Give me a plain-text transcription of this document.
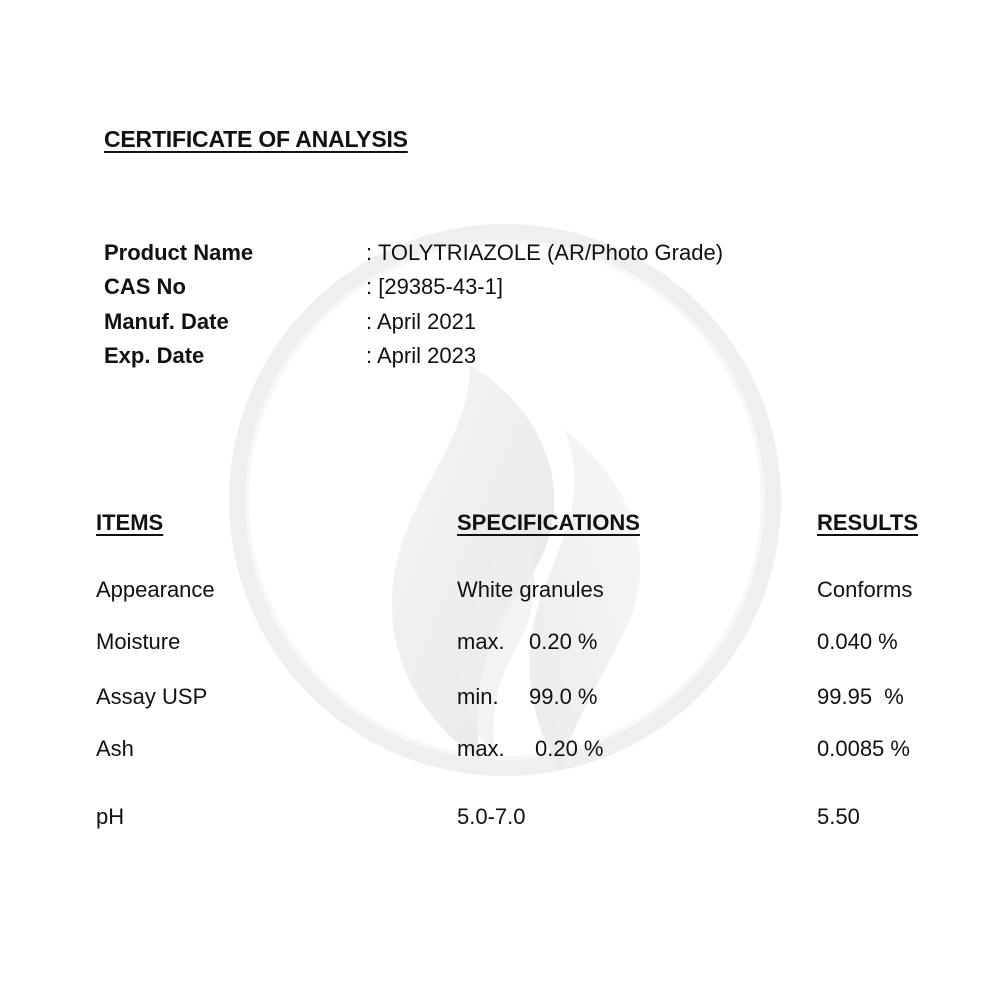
CERTIFICATE OF ANALYSIS
Product Name	: TOLYTRIAZOLE (AR/Photo Grade)
CAS No	: [29385-43-1]
Manuf. Date	: April 2021
Exp. Date	: April 2023
ITEMS	SPECIFICATIONS	RESULTS
Appearance	White granules	Conforms
Moisture	max. 0.20 %	0.040 %
Assay USP	min. 99.0 %	99.95  %
Ash	max. 0.20 %	0.0085 %
pH	5.0-7.0	5.50
